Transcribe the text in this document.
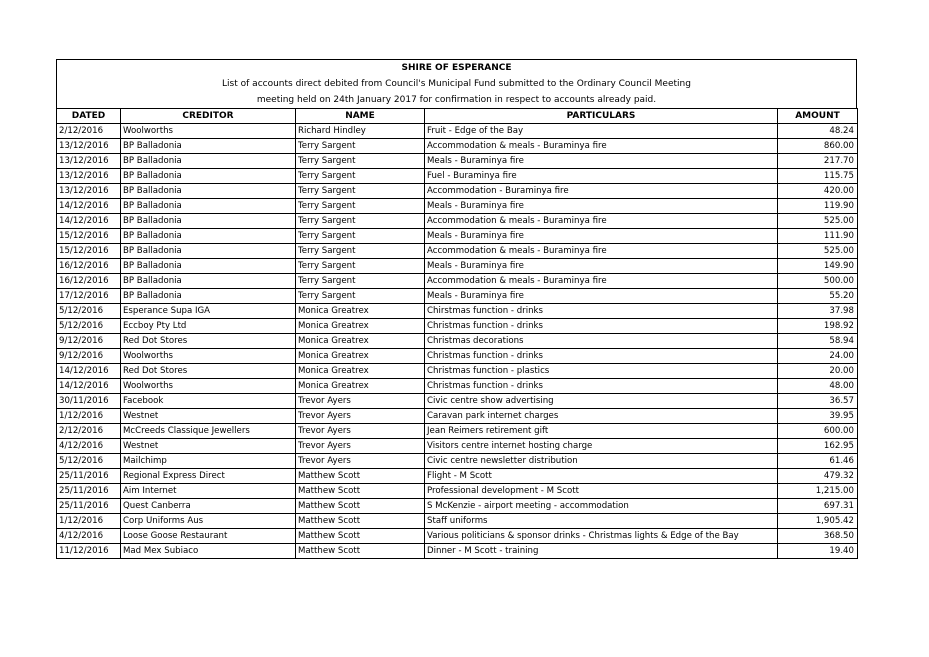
SHIRE OF ESPERANCE
List of accounts direct debited from Council's Municipal Fund submitted to the Ordinary Council Meeting
meeting held on 24th January 2017 for confirmation in respect to accounts already paid.
DATED	CREDITOR	NAME	PARTICULARS	AMOUNT
2/12/2016	Woolworths	Richard Hindley	Fruit - Edge of the Bay	48.24
13/12/2016	BP Balladonia	Terry Sargent	Accommodation & meals - Buraminya fire	860.00
13/12/2016	BP Balladonia	Terry Sargent	Meals - Buraminya fire	217.70
13/12/2016	BP Balladonia	Terry Sargent	Fuel - Buraminya fire	115.75
13/12/2016	BP Balladonia	Terry Sargent	Accommodation - Buraminya fire	420.00
14/12/2016	BP Balladonia	Terry Sargent	Meals - Buraminya fire	119.90
14/12/2016	BP Balladonia	Terry Sargent	Accommodation & meals - Buraminya fire	525.00
15/12/2016	BP Balladonia	Terry Sargent	Meals - Buraminya fire	111.90
15/12/2016	BP Balladonia	Terry Sargent	Accommodation & meals - Buraminya fire	525.00
16/12/2016	BP Balladonia	Terry Sargent	Meals - Buraminya fire	149.90
16/12/2016	BP Balladonia	Terry Sargent	Accommodation & meals - Buraminya fire	500.00
17/12/2016	BP Balladonia	Terry Sargent	Meals - Buraminya fire	55.20
5/12/2016	Esperance Supa IGA	Monica Greatrex	Chirstmas function - drinks	37.98
5/12/2016	Eccboy Pty Ltd	Monica Greatrex	Christmas function - drinks	198.92
9/12/2016	Red Dot Stores	Monica Greatrex	Christmas decorations	58.94
9/12/2016	Woolworths	Monica Greatrex	Christmas function - drinks	24.00
14/12/2016	Red Dot Stores	Monica Greatrex	Christmas function - plastics	20.00
14/12/2016	Woolworths	Monica Greatrex	Christmas function - drinks	48.00
30/11/2016	Facebook	Trevor Ayers	Civic centre show advertising	36.57
1/12/2016	Westnet	Trevor Ayers	Caravan park internet charges	39.95
2/12/2016	McCreeds Classique Jewellers	Trevor Ayers	Jean Reimers retirement gift	600.00
4/12/2016	Westnet	Trevor Ayers	Visitors centre internet hosting charge	162.95
5/12/2016	Mailchimp	Trevor Ayers	Civic centre newsletter distribution	61.46
25/11/2016	Regional Express Direct	Matthew Scott	Flight - M Scott	479.32
25/11/2016	Aim Internet	Matthew Scott	Professional development - M Scott	1,215.00
25/11/2016	Quest Canberra	Matthew Scott	S McKenzie - airport meeting - accommodation	697.31
1/12/2016	Corp Uniforms Aus	Matthew Scott	Staff uniforms	1,905.42
4/12/2016	Loose Goose Restaurant	Matthew Scott	Various politicians & sponsor drinks - Christmas lights & Edge of the Bay	368.50
11/12/2016	Mad Mex Subiaco	Matthew Scott	Dinner - M Scott - training	19.40
